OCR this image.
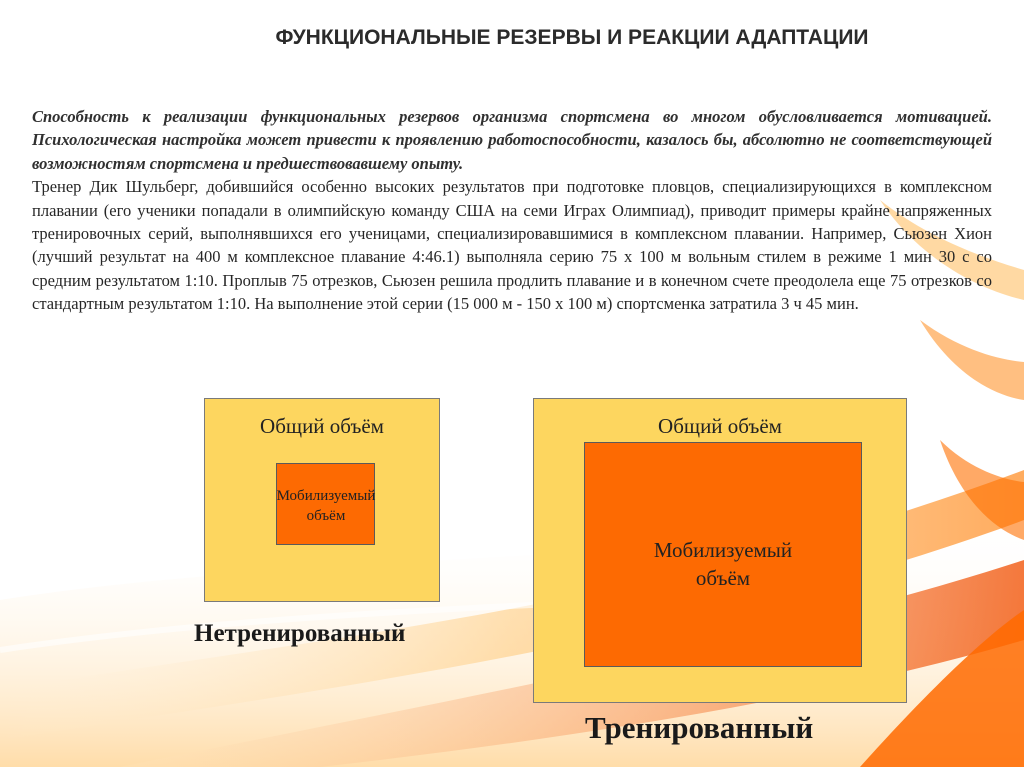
ФУНКЦИОНАЛЬНЫЕ РЕЗЕРВЫ И РЕАКЦИИ АДАПТАЦИИ

Способность к реализации функциональных резервов организма спортсмена во многом обусловливается мотивацией. Психологическая настройка может привести к проявлению работоспособности, казалось бы, абсолютно не соответствующей возможностям спортсмена и предшествовавшему опыту.

Тренер Дик Шульберг, добившийся особенно высоких результатов при подготовке пловцов, специализирующихся в комплексном плавании (его ученики попадали в олимпийскую команду США на семи Играх Олимпиад), приводит примеры крайне напряженных тренировочных серий, выполнявшихся его ученицами, специализировавшимися в комплексном плавании. Например, Сьюзен Хион (лучший результат на 400 м комплексное плавание 4:46.1) выполняла серию 75 х 100 м вольным стилем в режиме 1 мин 30 с со средним результатом 1:10. Проплыв 75 отрезков, Сьюзен решила продлить плавание и в конечном счете преодолела еще 75 отрезков со стандартным результатом 1:10. На выполнение этой серии (15 000 м - 150 х 100 м) спортсменка затратила 3 ч 45 мин.

Общий объём
Мобилизуемый
объём
Нетренированный
Общий объём
Мобилизуемый
объём
Тренированный
